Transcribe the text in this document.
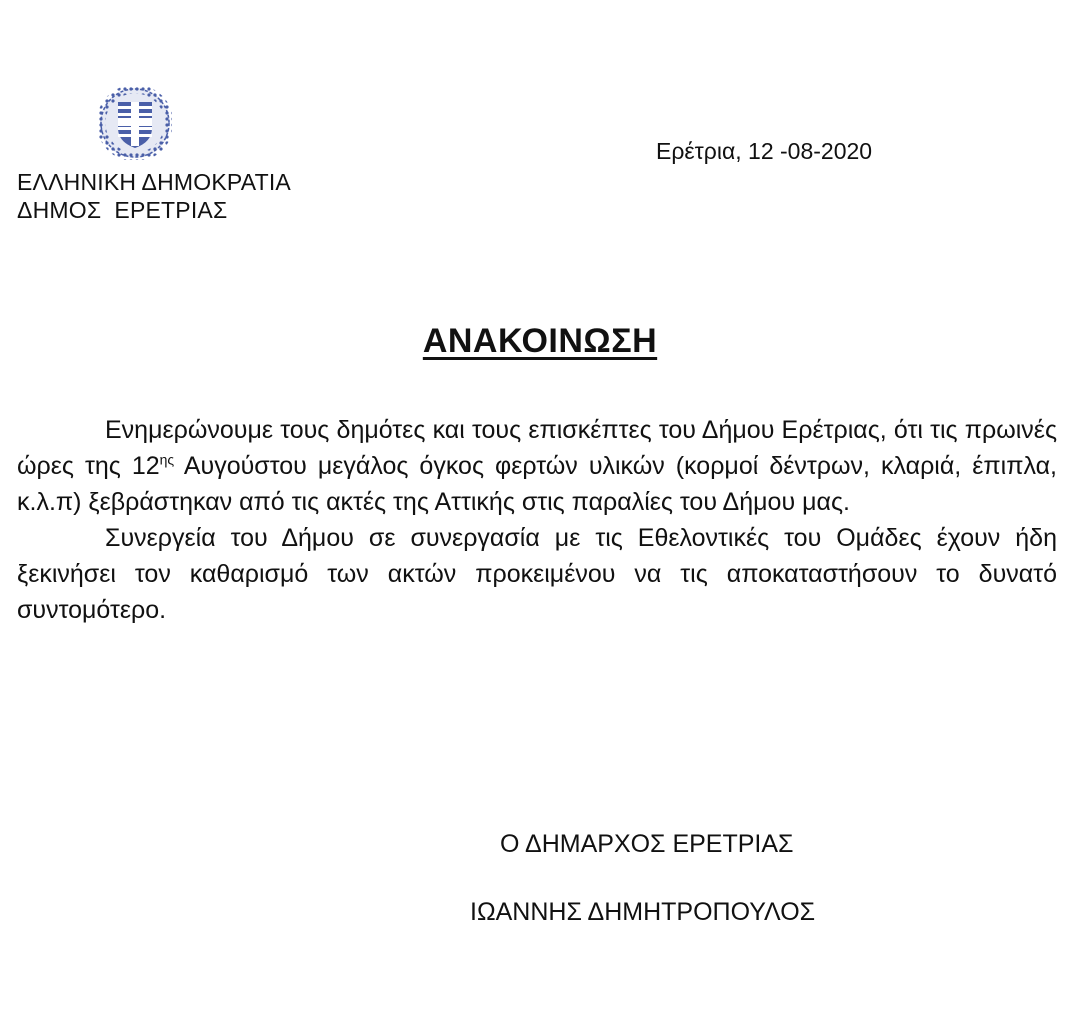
ΕΛΛΗΝΙΚΗ ΔΗΜΟΚΡΑΤΙΑ
ΔΗΜΟΣ  ΕΡΕΤΡΙΑΣ
Ερέτρια, 12 -08-2020
ΑΝΑΚΟΙΝΩΣΗ

Ενημερώνουμε τους δημότες και τους επισκέπτες του Δήμου Ερέτριας, ότι τις πρωινές ώρες της $12^{\eta\varsigma}$ Αυγούστου μεγάλος όγκος φερτών υλικών (κορμοί δέντρων, κλαριά, έπιπλα, κ.λ.π) ξεβράστηκαν από τις ακτές της Αττικής στις παραλίες του Δήμου μας.

Συνεργεία του Δήμου σε συνεργασία με τις Εθελοντικές του Ομάδες έχουν ήδη ξεκινήσει τον καθαρισμό των ακτών προκειμένου να τις αποκαταστήσουν το δυνατό συντομότερο.

Ο ΔΗΜΑΡΧΟΣ ΕΡΕΤΡΙΑΣ
ΙΩΑΝΝΗΣ ΔΗΜΗΤΡΟΠΟΥΛΟΣ
